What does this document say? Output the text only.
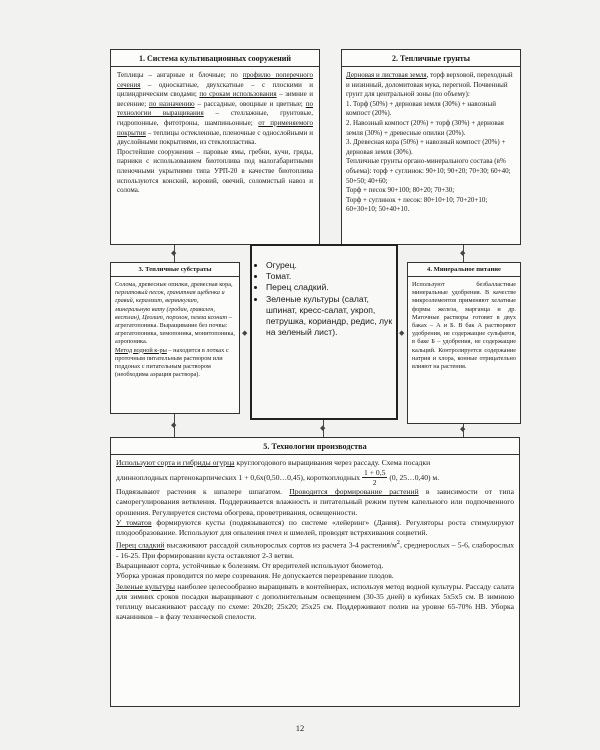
◆	◆
◆	◆	◆
◆	◆
1. Система культивационных сооружений

Теплицы – ангарные и блочные; по профилю поперечного сечения – односкатные, двухскатные – с плоскими и цилиндрическим сводами; по срокам использования – зимние и весенние; по назначению – рассадные, овощные и цветные; по технологии выращивания – стеллажные, грунтовые, гидропонные, фитотроны, шампиньонные; от применяемого покрытия – теплицы остекленные, пленочные с однослойными и двуслойными покрытиями, из стеклопластика.

Простейшие сооружения – паровые ямы, гребни, кучи, гряды, парники с использованием биотоплива под малогабаритными пленочными укрытиями типа УРП-20 в качестве биотоплива используются конский, коровий, овечий, соломистый навоз и солома.

2. Тепличные грунты

Дерновая и листовая земля, торф верховой, переходный и низинный, доломитовая мука, перегной. Почвенный грунт для центральной зоны (по объему):

1. Торф (50%) + дерновая земля (30%) + навозный компост (20%).

2. Навозный компост (20%) + торф (30%) + дерновая земля (30%) + древесные опилки (20%).

3. Древесная кора (50%) + навозный компост (20%) + дерновая земля (30%).

Тепличные грунты органо-минерального состава (в% объема): торф + суглинок: 90+10; 90+20; 70+30; 60+40; 50+50; 40+60;

Торф + песок 90+100; 80+20; 70+30;

Торф + суглинок + песок: 80+10+10; 70+20+10; 60+30+10; 50+40+10.

3. Тепличные субстраты

Солома, древесные опилки, древесная кора, перлитовый песок, гранитная щебенка и гравий, керамзит, вермикулит, минеральную вату (гродан, гравилен, вестлан), Цеолит, поролон, пемза ксонит – агрегатопоника. Выращивание без почвы: агрегатопоника, хемопоника, монитопоника, аэропоника.

Метод водной к-ры – находится в лотках с проточным питательным раствором или поддонах с питательным раствором (необходима аэрация раствора).

• Огурец.
• Томат.
• Перец сладкий.
• Зеленые культуры (салат, шпинат, кресс-салат, укроп, петрушка, кориандр, редис, лук на зеленый лист).
4. Минеральное питание
Используют безбалластные минеральные удобрения. В качестве микроэлементов применяют хелатные формы железа, марганца и др. Маточные растворы готовят в двух баках – А и Б. В бак А растворяют удобрения, не содержащие сульфатов, в баке Б – удобрения, не содержащие кальций. Контролируется содержание натрия и хлора, конные отрицательно влияют на растения.
5. Технологии производства

Используют сорта и гибриды огурца круглогодового выращивания через рассаду. Схема посадки

длинноплодных партенокарпических 1 + 0,6х(0,50…0,45), короткоплодных $\frac{1 + 0,5}{2} (0$, 25…0,40) м.

Подвязывают растения к шпалере шпагатом. Проводится формирование растений в зависимости от типа саморегулирования ветвления. Поддерживается влажность и питательный режим путем капельного или подпочвенного орошения. Регулируется система обогрева, проветривания, освещенности.

У томатов формируются кусты (подвязываются) по системе «лейеринг» (Дания). Регуляторы роста стимулируют плодообразование. Используют для опыления пчел и шмелей, проводят встряхивания соцветий.

Перец сладкий высаживают рассадой сильнорослых сортов из расчета 3-4 растения/$м^2$, среднерослых – 5-6, слаборослых - 16-25. При формировании куста оставляют 2-3 ветви.

Выращивают сорта, устойчивые к болезням. От вредителей используют биометод.

Уборка урожая проводится по мере созревания. Не допускается перезревание плодов.

Зеленые культуры наиболее целесообразно выращивать в контейнерах, используя метод водной культуры. Рассаду салата для зимних сроков посадки выращивают с дополнительным освещением (30-35 дней) в кубиках 5х5х5 см. В зимнюю теплицу высаживают рассаду по схеме: 20х20; 25х20; 25х25 см. Поддерживают полив на уровне 65-70% НВ. Уборка качанников – в фазу технической спелости.

12
